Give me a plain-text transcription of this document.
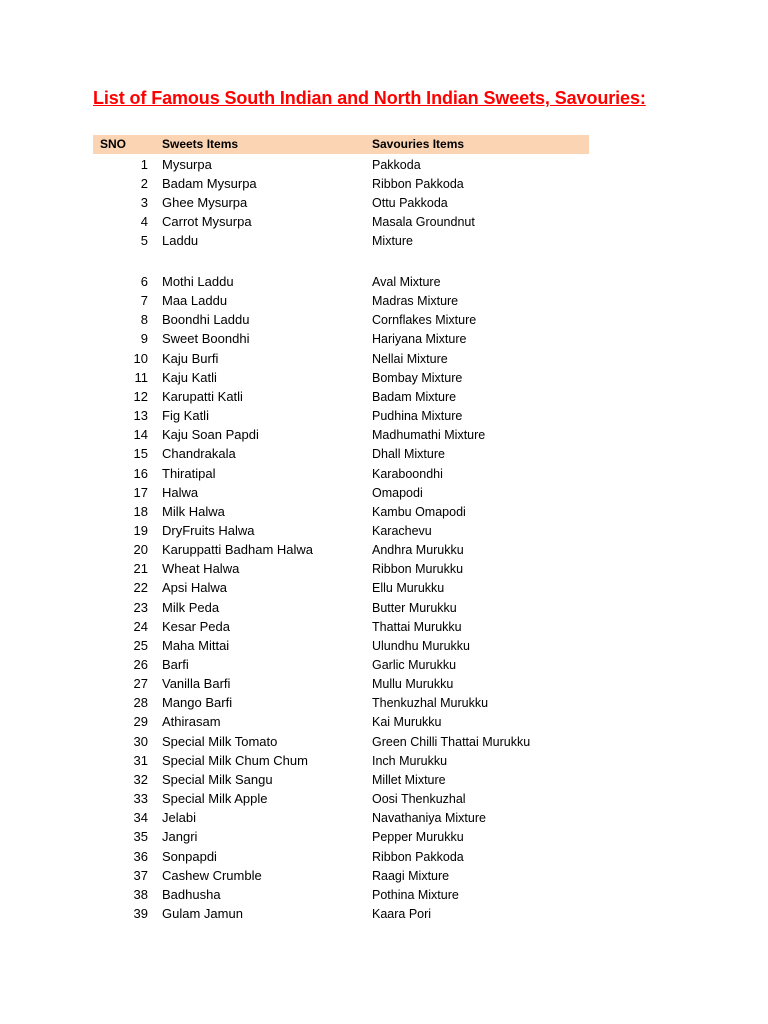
List of Famous South Indian and North Indian Sweets, Savouries:
SNO	Sweets Items	Savouries Items
1 Mysurpa	Pakkoda
2 Badam Mysurpa	Ribbon Pakkoda
3 Ghee Mysurpa	Ottu Pakkoda
4 Carrot Mysurpa	Masala Groundnut
5 Laddu	Mixture
6 Mothi Laddu	Aval Mixture
7 Maa Laddu	Madras Mixture
8 Boondhi Laddu	Cornflakes Mixture
9 Sweet Boondhi	Hariyana Mixture
10 Kaju Burfi	Nellai Mixture
11 Kaju Katli	Bombay Mixture
12 Karupatti Katli	Badam Mixture
13 Fig Katli	Pudhina Mixture
14 Kaju Soan Papdi	Madhumathi Mixture
15 Chandrakala	Dhall Mixture
16 Thiratipal	Karaboondhi
17 Halwa	Omapodi
18 Milk Halwa	Kambu Omapodi
19 DryFruits Halwa	Karachevu
20 Karuppatti Badham Halwa	Andhra Murukku
21 Wheat Halwa	Ribbon Murukku
22 Apsi Halwa	Ellu Murukku
23 Milk Peda	Butter Murukku
24 Kesar Peda	Thattai Murukku
25 Maha Mittai	Ulundhu Murukku
26 Barfi	Garlic Murukku
27 Vanilla Barfi	Mullu Murukku
28 Mango Barfi	Thenkuzhal Murukku
29 Athirasam	Kai Murukku
30 Special Milk Tomato	Green Chilli Thattai Murukku
31 Special Milk Chum Chum	Inch Murukku
32 Special Milk Sangu	Millet Mixture
33 Special Milk Apple	Oosi Thenkuzhal
34 Jelabi	Navathaniya Mixture
35 Jangri	Pepper Murukku
36 Sonpapdi	Ribbon Pakkoda
37 Cashew Crumble	Raagi Mixture
38 Badhusha	Pothina Mixture
39 Gulam Jamun	Kaara Pori
